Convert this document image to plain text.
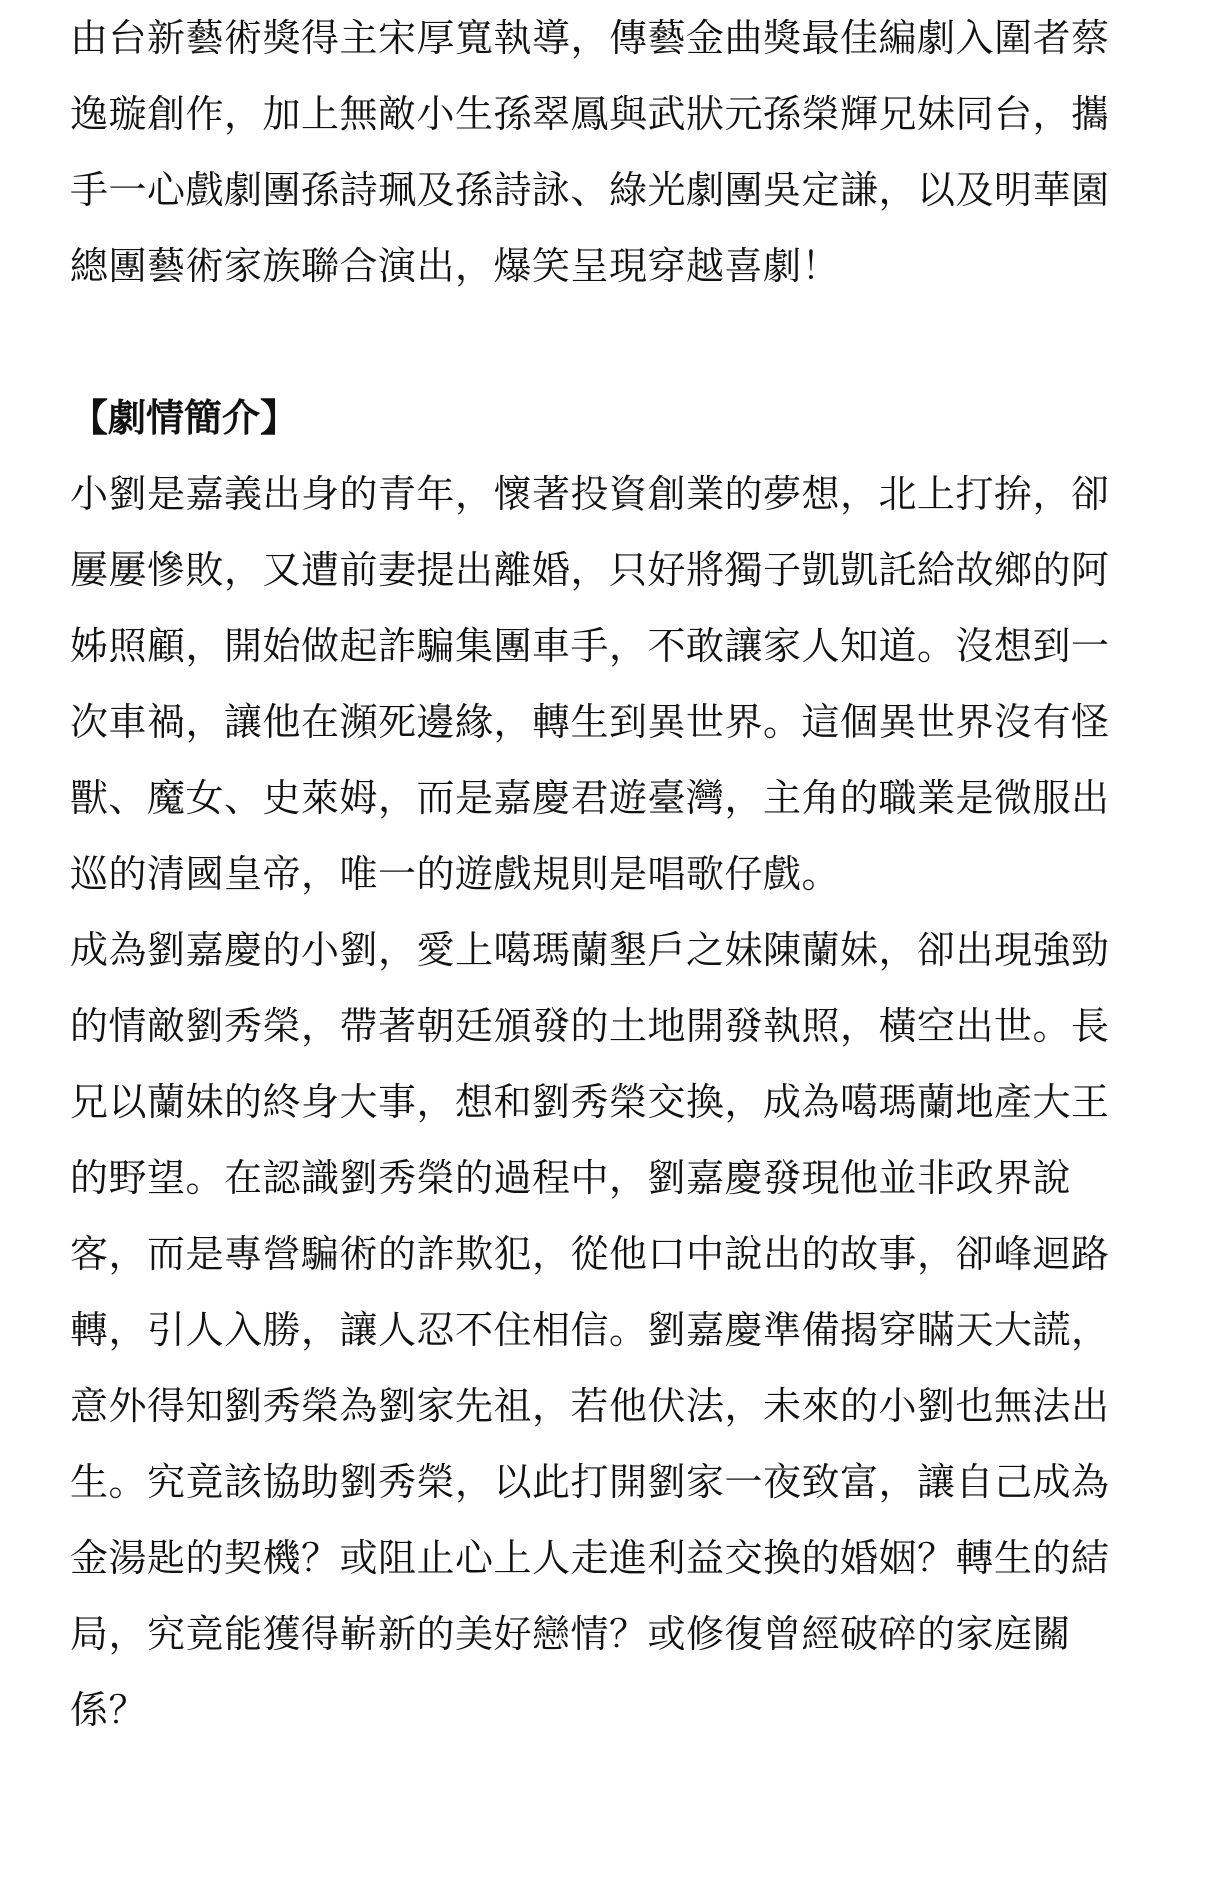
由台新藝術獎得主宋厚寬執導，傳藝金曲獎最佳編劇入圍者蔡逸璇創作，加上無敵小生孫翠鳳與武狀元孫榮輝兄妹同台，攜手一心戲劇團孫詩珮及孫詩詠、綠光劇團吳定謙，以及明華園總團藝術家族聯合演出，爆笑呈現穿越喜劇！

【劇情簡介】

小劉是嘉義出身的青年，懷著投資創業的夢想，北上打拚，卻屢屢慘敗，又遭前妻提出離婚，只好將獨子凱凱託給故鄉的阿姊照顧，開始做起詐騙集團車手，不敢讓家人知道。沒想到一次車禍，讓他在瀕死邊緣，轉生到異世界。這個異世界沒有怪獸、魔女、史萊姆，而是嘉慶君遊臺灣，主角的職業是微服出巡的清國皇帝，唯一的遊戲規則是唱歌仔戲。

成為劉嘉慶的小劉，愛上噶瑪蘭墾戶之妹陳蘭妹，卻出現強勁的情敵劉秀榮，帶著朝廷頒發的土地開發執照，橫空出世。長兄以蘭妹的終身大事，想和劉秀榮交換，成為噶瑪蘭地產大王的野望。在認識劉秀榮的過程中，劉嘉慶發現他並非政界說客，而是專營騙術的詐欺犯，從他口中說出的故事，卻峰迴路轉，引人入勝，讓人忍不住相信。劉嘉慶準備揭穿瞞天大謊，意外得知劉秀榮為劉家先祖，若他伏法，未來的小劉也無法出生。究竟該協助劉秀榮，以此打開劉家一夜致富，讓自己成為金湯匙的契機？或阻止心上人走進利益交換的婚姻？轉生的結局，究竟能獲得嶄新的美好戀情？或修復曾經破碎的家庭關係？
